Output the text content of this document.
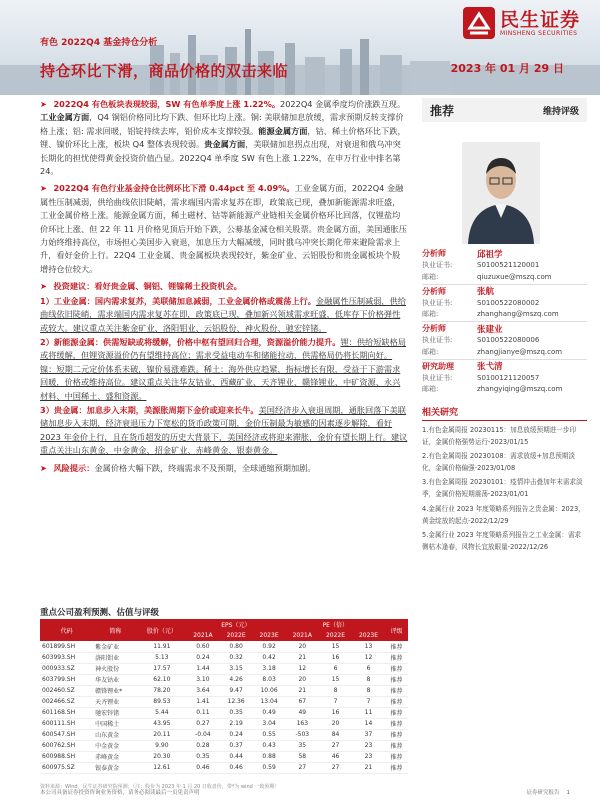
有色 2022Q4 基金持仓分析
持仓环比下滑，商品价格的双击来临	2023 年 01 月 29 日
民生证券
MINSHENG SECURITIES
➤ 2022Q4 有色板块表现较弱，SW 有色单季度上涨 1.22%。2022Q4 金属季度均价涨跌互现。工业金属方面，Q4 铜铝价格同比均下跌、但环比均上涨。铜: 美联储加息放缓，需求预期反转支撑价格上涨；铝: 需求回暖，铝锭持续去库，铝价成本支撑较强。能源金属方面，钴、稀土价格环比下跌，锂、镍价环比上涨，板块 Q4 整体表现较弱。贵金属方面，美联储加息拐点出现，对衰退和俄乌冲突长期化的担忧使得黄金投资价值凸显。2022Q4 单季度 SW 有色上涨 1.22%，在申万行业中排名第 24。
➤ 2022Q4 有色行业基金持仓比例环比下滑 0.44pct 至 4.09%。工业金属方面，2022Q4 金融属性压制减弱，供给曲线依旧陡峭，需求端国内需求复苏在即，政策底已现，叠加新能源需求旺盛，工业金属价格上涨。能源金属方面，稀土磁材、钴等新能源产业链相关金属价格环比回落，仅锂盐均价环比上涨、但 22 年 11 月价格见顶后开始下跌，公募基金减仓相关股票。贵金属方面，美国通胀压力始终维持高位，市场担心美国步入衰退，加息压力大幅减缓，同时俄乌冲突长期化带来避险需求上升，看好金价上行。22Q4 工业金属、贵金属板块表现较好，紫金矿业、云铝股份和贵金属板块个股增持仓位较大。
➤ 投资建议：看好贵金属、铜铝、锂镍稀土投资机会。
1）工业金属：国内需求复苏，美联储加息减弱，工业金属价格或震荡上行。金融属性压制减弱，供给曲线依旧陡峭，需求端国内需求复苏在即，政策底已现，叠加新兴领域需求旺盛，低库存下价格弹性或较大。建议重点关注紫金矿业、洛阳钼业、云铝股份、神火股份、驰宏锌锗。
2）新能源金属：供需短缺或将缓解，价格中枢有望回归合理，资源溢价能力提升。锂：供给短缺格局或将缓解，但锂资源溢价仍有望维持高位；需求受益电动车和储能拉动，供需格局仍将长期向好。镍：短期二元定价体系未破，镍价易涨难跌。稀土：海外供应趋紧，指标增长有限，受益于下游需求回暖，价格或维持高位。建议重点关注华友钴业、西藏矿业、天齐锂业、赣锋锂业、中矿资源、永兴材料、中国稀土、盛和资源。
3）贵金属：加息步入末期，美源胀周期下金价或迎来长牛。美国经济步入衰退周期，通胀回落下美联储加息步入末期，经济衰退压力下宽松的货币政策可期，金价压制最为敏感的因素逐步解除，看好 2023 年金价上行，且在货币超发的历史大背景下，美国经济或将迎来滞胀，金价有望长期上行。建议重点关注山东黄金、中金黄金、招金矿业、赤峰黄金、银泰黄金。
➤ 风险提示：金属价格大幅下跌，终端需求不及预期，全球通缩预期加剧。
重点公司盈利预测、估值与评级
代码	简称	股价（元）	EPS（元）			PE（倍）			评级
			2021A	2022E	2023E	2021A	2022E	2023E	
601899.SH	紫金矿业	11.91	0.60	0.80	0.92	20	15	13	推荐
603993.SH	洛阳钼业	5.13	0.24	0.32	0.42	21	16	12	推荐
000933.SZ	神火股份	17.57	1.44	3.15	3.18	12	6	6	推荐
603799.SH	华友钴业	62.10	3.10	4.26	8.03	20	15	8	推荐
002460.SZ	赣锋锂业*	78.20	3.64	9.47	10.06	21	8	8	推荐
002466.SZ	天齐锂业	89.53	1.41	12.36	13.04	67	7	7	推荐
601168.SH	驰宏锌锗	5.44	0.11	0.35	0.49	49	16	11	推荐
600111.SH	中国稀土	43.95	0.27	2.19	3.04	163	20	14	推荐
600547.SH	山东黄金	20.11	-0.04	0.24	0.55	-503	84	37	推荐
600762.SH	中金黄金	9.90	0.28	0.37	0.43	35	27	23	推荐
600988.SH	赤峰黄金	20.30	0.35	0.44	0.88	58	46	23	推荐
600975.SZ	银泰黄金	12.61	0.46	0.46	0.59	27	27	21	推荐
资料来源：Wind，民生证券研究院预测；（注：股价为 2023 年 1 月 20 日收盘价，带*为 wind 一致预期）
推荐	维持评级
分析师	邱祖学
执业证书:	S0100521120001
邮箱:	qiuzuxue@mszq.com
分析师	张航
执业证书:	S0100522080002
邮箱:	zhanghang@mszq.com
分析师	张建业
执业证书:	S0100522080006
邮箱:	zhangjianye@mszq.com
研究助理	张弋清
执业证书:	S0100121120057
邮箱:	zhangyiqing@mszq.com
相关研究
1.有色金属周报 20230115：加息放缓预期进一步印证，金属价格强势运行-2023/01/15
2.有色金属周报 20230108：需求放缓+加息预期淡化，金属价格偏强-2023/01/08
3.有色金属周报 20230101：疫情冲击叠加年末需求淡季，金属价格短期震荡-2023/01/01
4.金属行业 2023 年度策略系列报告之贵金属：2023，黄金绽放的起点-2022/12/29
5.金属行业 2023 年度策略系列报告之工业金属：需求侧枯木逢春，风物长宜放眼量-2022/12/26
本公司具备证券投资咨询业务资格，请务必阅读最后一页免责声明	证券研究报告 1
